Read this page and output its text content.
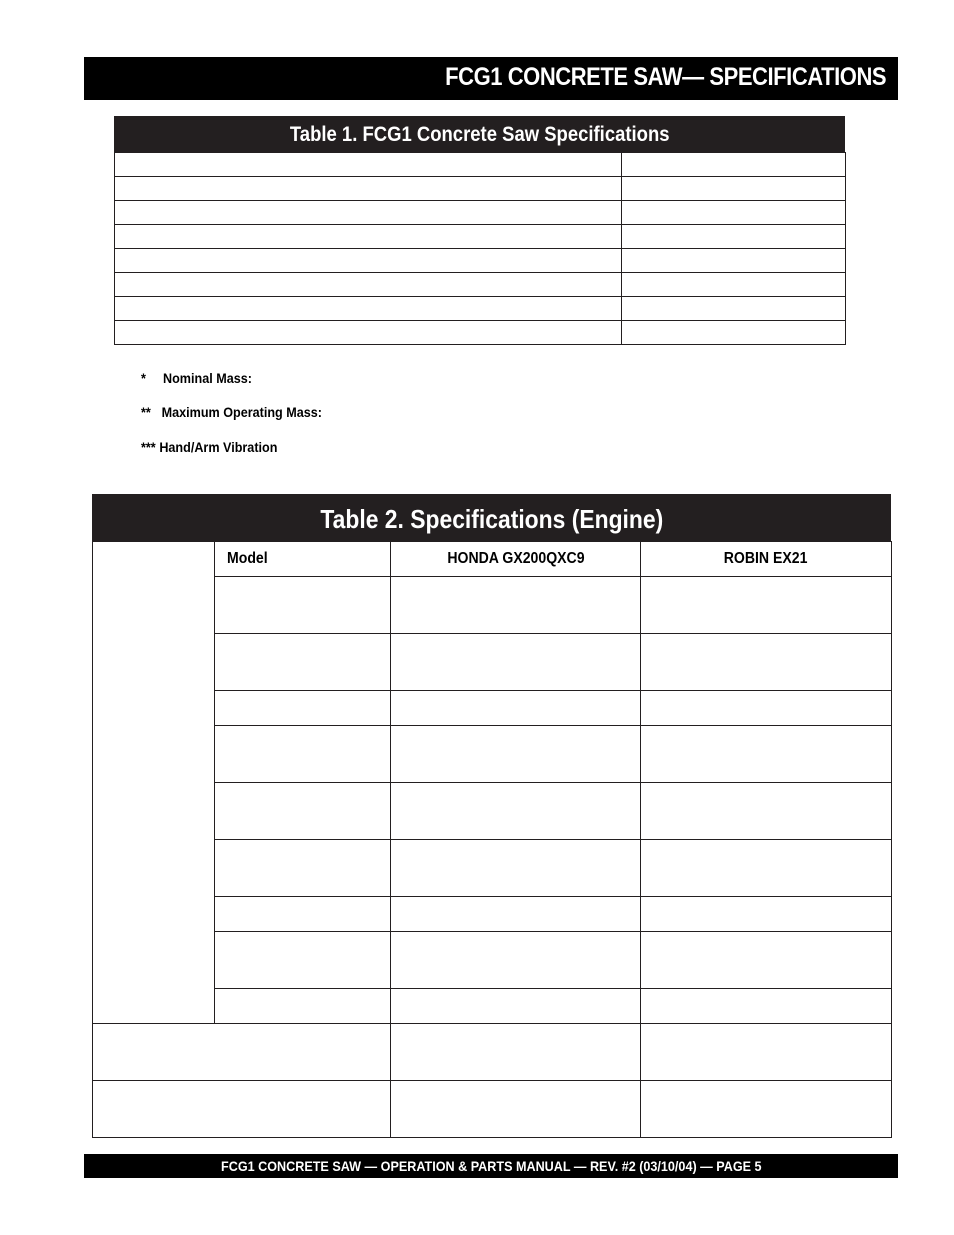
FCG1 CONCRETE SAW— SPECIFICATIONS
Table 1. FCG1 Concrete Saw Specifications

* Nominal Mass:
** Maximum Operating Mass:
*** Hand/Arm Vibration
Table 2. Specifications (Engine)
	Model	HONDA GX200QXC9	ROBIN EX21

FCG1 CONCRETE SAW — OPERATION & PARTS MANUAL — REV. #2 (03/10/04) — PAGE 5
